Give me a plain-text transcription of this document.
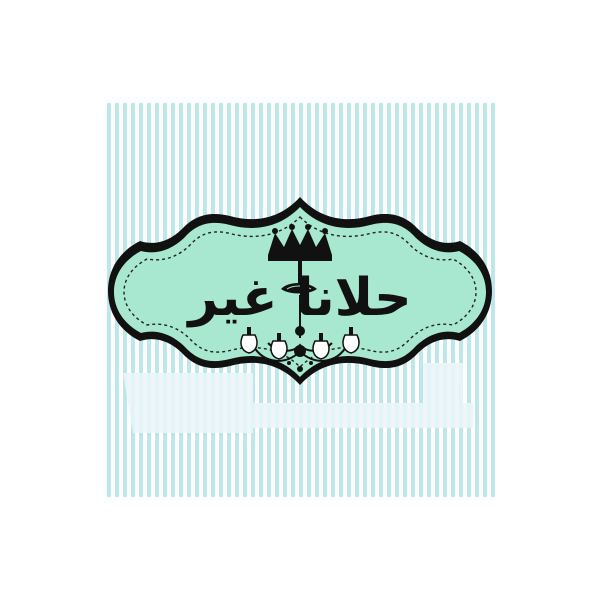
حلانا غير
